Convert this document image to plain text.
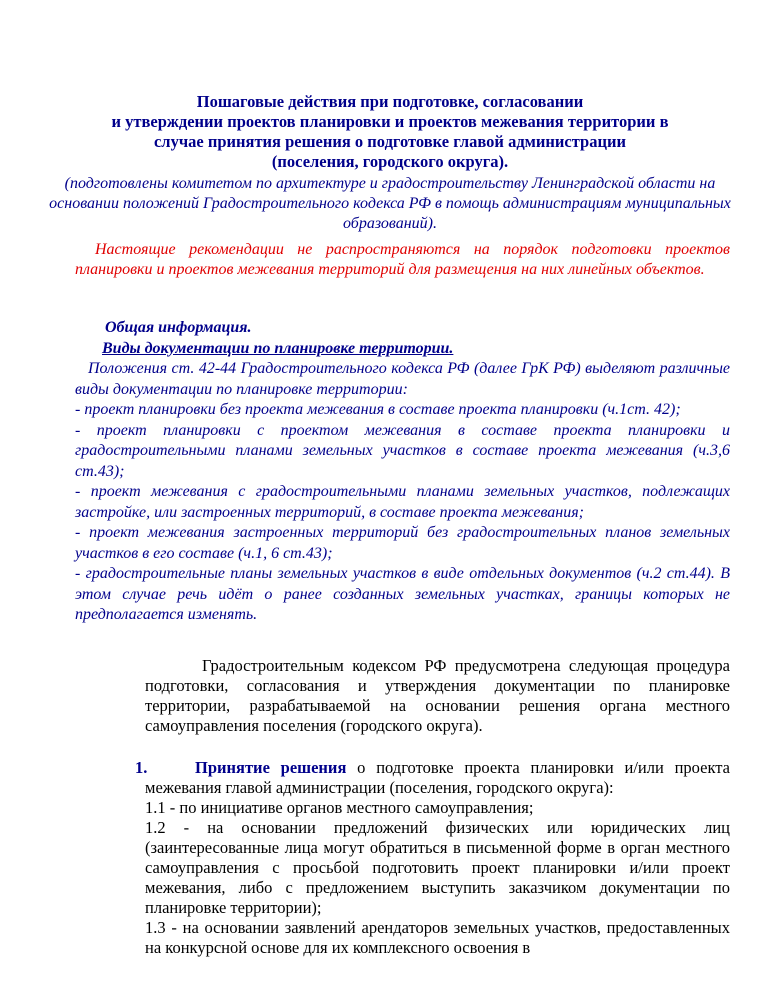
Пошаговые действия при подготовке, согласовании
и утверждении проектов планировки и проектов межевания территории в
случае принятия решения о подготовке главой администрации
(поселения, городского округа).
(подготовлены комитетом по архитектуре и градостроительству Ленинградской области на основании положений Градостроительного кодекса РФ в помощь администрациям муниципальных образований).
Настоящие рекомендации не распространяются на порядок подготовки проектов планировки и проектов межевания территорий для размещения на них линейных объектов.
Общая информация.
Виды документации по планировке территории.
Положения ст. 42-44 Градостроительного кодекса РФ (далее ГрК РФ) выделяют различные виды документации по планировке территории:
- проект планировки без проекта межевания в составе проекта планировки (ч.1ст. 42);
- проект планировки с проектом межевания в составе проекта планировки и градостроительными планами земельных участков в составе проекта межевания (ч.3,6 ст.43);
- проект межевания с градостроительными планами земельных участков, подлежащих застройке, или застроенных территорий, в составе проекта межевания;
- проект межевания застроенных территорий без градостроительных планов земельных участков в его составе (ч.1, 6 ст.43);
- градостроительные планы земельных участков в виде отдельных документов (ч.2 ст.44). В этом случае речь идёт о ранее созданных земельных участках, границы которых не предполагается изменять.
Градостроительным кодексом РФ предусмотрена следующая процедура подготовки, согласования и утверждения документации по планировке территории, разрабатываемой на основании решения органа местного самоуправления поселения (городского округа).
1.	Принятие решения о подготовке проекта планировки и/или проекта межевания главой администрации (поселения, городского округа):
1.1 - по инициативе органов местного самоуправления;
1.2 - на основании предложений физических или юридических лиц (заинтересованные лица могут обратиться в письменной форме в орган местного самоуправления с просьбой подготовить проект планировки и/или проект межевания, либо с предложением выступить заказчиком документации по планировке территории);
1.3 - на основании заявлений арендаторов земельных участков, предоставленных на конкурсной основе для их комплексного освоения в
